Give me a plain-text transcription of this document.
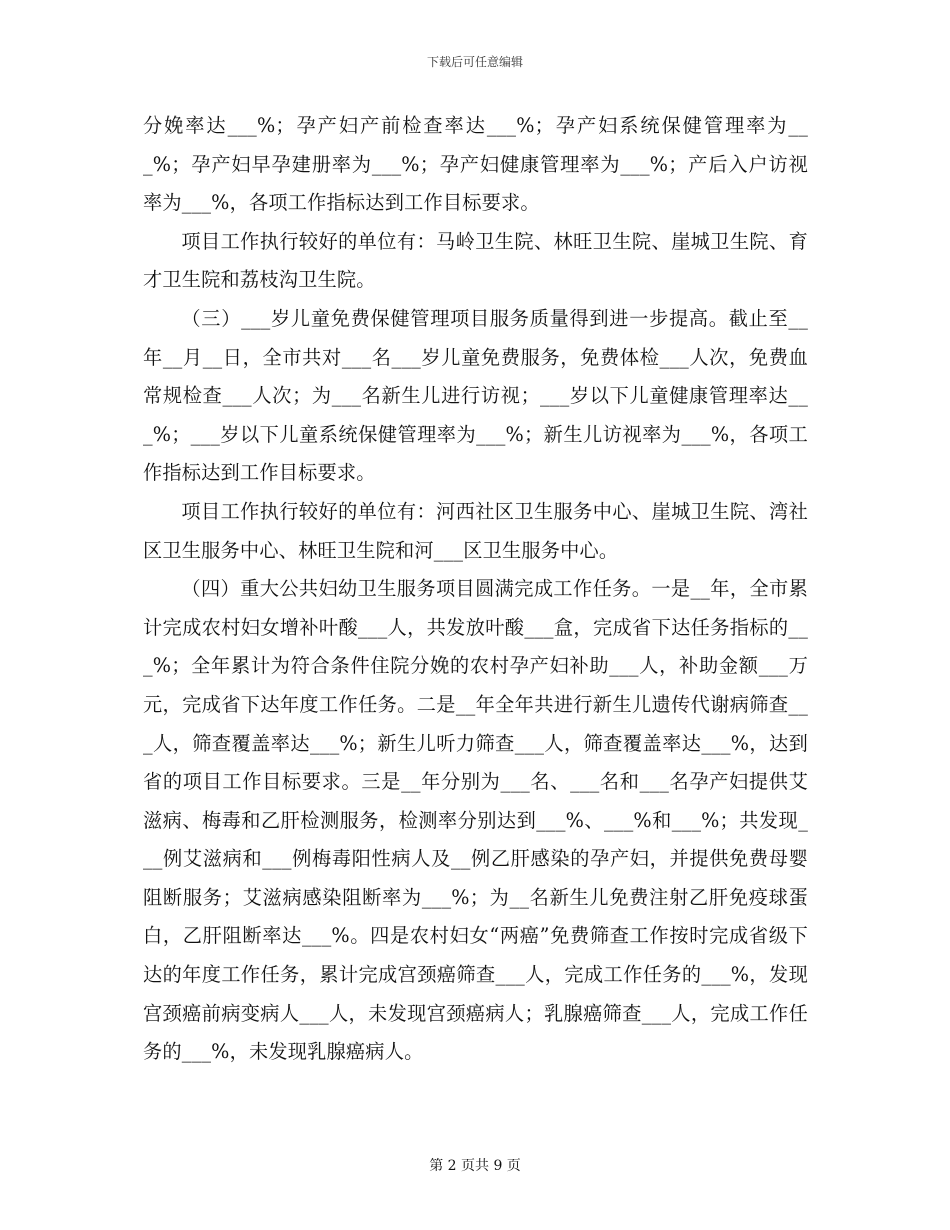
下载后可任意编辑

分娩率达___%；孕产妇产前检查率达___%；孕产妇系统保健管理率为___%；孕产妇早孕建册率为___%；孕产妇健康管理率为___%；产后入户访视率为___%，各项工作指标达到工作目标要求。

项目工作执行较好的单位有：马岭卫生院、林旺卫生院、崖城卫生院、育才卫生院和荔枝沟卫生院。

（三）___岁儿童免费保健管理项目服务质量得到进一步提高。截止至__年__月__日，全市共对___名___岁儿童免费服务，免费体检___人次，免费血常规检查___人次；为___名新生儿进行访视；___岁以下儿童健康管理率达___%；___岁以下儿童系统保健管理率为___%；新生儿访视率为___%，各项工作指标达到工作目标要求。

项目工作执行较好的单位有：河西社区卫生服务中心、崖城卫生院、湾社区卫生服务中心、林旺卫生院和河___区卫生服务中心。

（四）重大公共妇幼卫生服务项目圆满完成工作任务。一是__年，全市累计完成农村妇女增补叶酸___人，共发放叶酸___盒，完成省下达任务指标的___%；全年累计为符合条件住院分娩的农村孕产妇补助___人，补助金额___万元，完成省下达年度工作任务。二是__年全年共进行新生儿遗传代谢病筛查___人，筛查覆盖率达___%；新生儿听力筛查___人，筛查覆盖率达___%，达到省的项目工作目标要求。三是__年分别为___名、___名和___名孕产妇提供艾滋病、梅毒和乙肝检测服务，检测率分别达到___%、___%和___%；共发现___例艾滋病和___例梅毒阳性病人及__例乙肝感染的孕产妇，并提供免费母婴阻断服务；艾滋病感染阻断率为___%；为__名新生儿免费注射乙肝免疫球蛋白，乙肝阻断率达___%。四是农村妇女“两癌”免费筛查工作按时完成省级下达的年度工作任务，累计完成宫颈癌筛查___人，完成工作任务的___%，发现宫颈癌前病变病人___人，未发现宫颈癌病人；乳腺癌筛查___人，完成工作任务的___%，未发现乳腺癌病人。

第 2 页共 9 页
